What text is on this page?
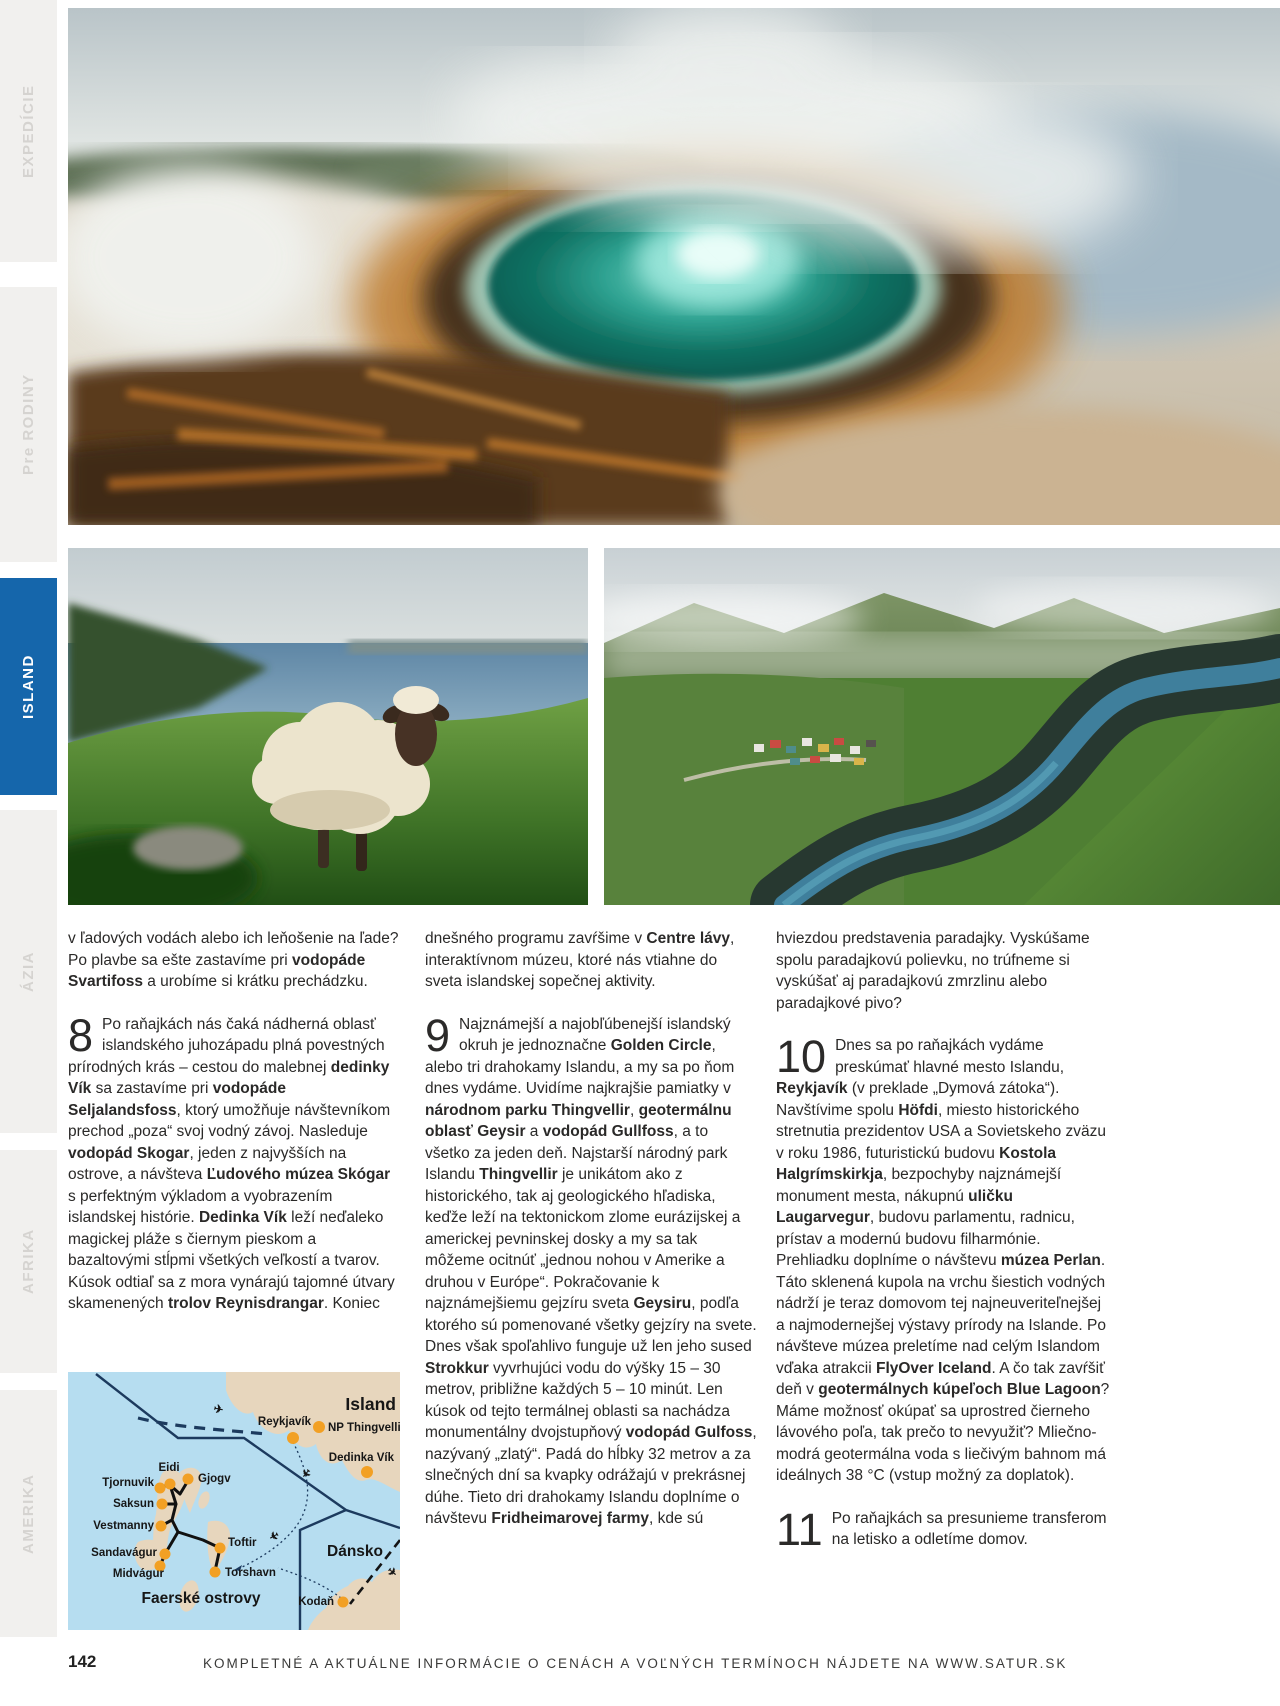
EXPEDÍCIE
Pre RODINY
ISLAND
ÁZIA
AFRIKA
AMERIKA

v ľadových vodách alebo ich leňošenie na ľade? Po plavbe sa ešte zastavíme pri vodopáde Svartifoss a urobíme si krátku prechádzku.

8 Po raňajkách nás čaká nádherná oblasť islandského juhozápadu plná povestných prírodných krás – cestou do malebnej dedinky Vík sa zastavíme pri vodopáde Seljalandsfoss, ktorý umožňuje návštevníkom prechod „poza“ svoj vodný závoj. Nasleduje vodopád Skogar, jeden z najvyšších na ostrove, a návšteva Ľudového múzea Skógar s perfektným výkladom a vyobrazením islandskej histórie. Dedinka Vík leží neďaleko magickej pláže s čiernym pieskom a bazaltovými stĺpmi všetkých veľkostí a tvarov. Kúsok odtiaľ sa z mora vynárajú tajomné útvary skamenených trolov Reynisdrangar. Koniec

dnešného programu zavŕšime v Centre lávy, interaktívnom múzeu, ktoré nás vtiahne do sveta islandskej sopečnej aktivity.

9 Najznámejší a najobľúbenejší islandský okruh je jednoznačne Golden Circle, alebo tri drahokamy Islandu, a my sa po ňom dnes vydáme. Uvidíme najkrajšie pamiatky v národnom parku Thingvellir, geotermálnu oblasť Geysir a vodopád Gullfoss, a to všetko za jeden deň. Najstarší národný park Islandu Thingvellir je unikátom ako z historického, tak aj geologického hľadiska, keďže leží na tektonickom zlome eurázijskej a americkej pevninskej dosky a my sa tak môžeme ocitnúť „jednou nohou v Amerike a druhou v Európe“. Pokračovanie k najznámejšiemu gejzíru sveta Geysiru, podľa ktorého sú pomenované všetky gejzíry na svete. Dnes však spoľahlivo funguje už len jeho sused Strokkur vyvrhujúci vodu do výšky 15 – 30 metrov, približne každých 5 – 10 minút. Len kúsok od tejto termálnej oblasti sa nachádza monumentálny dvojstupňový vodopád Gulfoss, nazývaný „zlatý“. Padá do hĺbky 32 metrov a za slnečných dní sa kvapky odrážajú v prekrásnej dúhe. Tieto dri drahokamy Islandu doplníme o návštevu Fridheimarovej farmy, kde sú

hviezdou predstavenia paradajky. Vyskúšame spolu paradajkovú polievku, no trúfneme si vyskúšať aj paradajkovú zmrzlinu alebo paradajkové pivo?

10 Dnes sa po raňajkách vydáme preskúmať hlavné mesto Islandu, Reykjavík (v preklade „Dymová zátoka“). Navštívime spolu Höfdi, miesto historického stretnutia prezidentov USA a Sovietskeho zväzu v roku 1986, futuristickú budovu Kostola Halgrímskirkja, bezpochyby najznámejší monument mesta, nákupnú uličku Laugarvegur, budovu parlamentu, radnicu, prístav a modernú budovu filharmónie. Prehliadku doplníme o návštevu múzea Perlan. Táto sklenená kupola na vrchu šiestich vodných nádrží je teraz domovom tej najneuveriteľnejšej a najmodernejšej výstavy prírody na Islande. Po návšteve múzea preletíme nad celým Islandom vďaka atrakcii FlyOver Iceland. A čo tak zavŕšiť deň v geotermálnych kúpeľoch Blue Lagoon? Máme možnosť okúpať sa uprostred čierneho lávového poľa, tak prečo to nevyužiť? Mliečno-modrá geotermálna voda s liečivým bahnom má ideálnych 38 °C (vstup možný za doplatok).

11 Po raňajkách sa presunieme transferom na letisko a odletíme domov.

✈
✈
✈
✈
Island
Reykjavík NP Thingvellir
Dedinka Vík
Eidi
Gjogv
Tjornuvik
Saksun
Vestmanny
Sandavágur
Midvágur
Toftir
Torshavn
Faerské ostrovy
Dánsko
Kodaň
142	KOMPLETNÉ A AKTUÁLNE INFORMÁCIE O CENÁCH A VOĽNÝCH TERMÍNOCH NÁJDETE NA WWW.SATUR.SK
